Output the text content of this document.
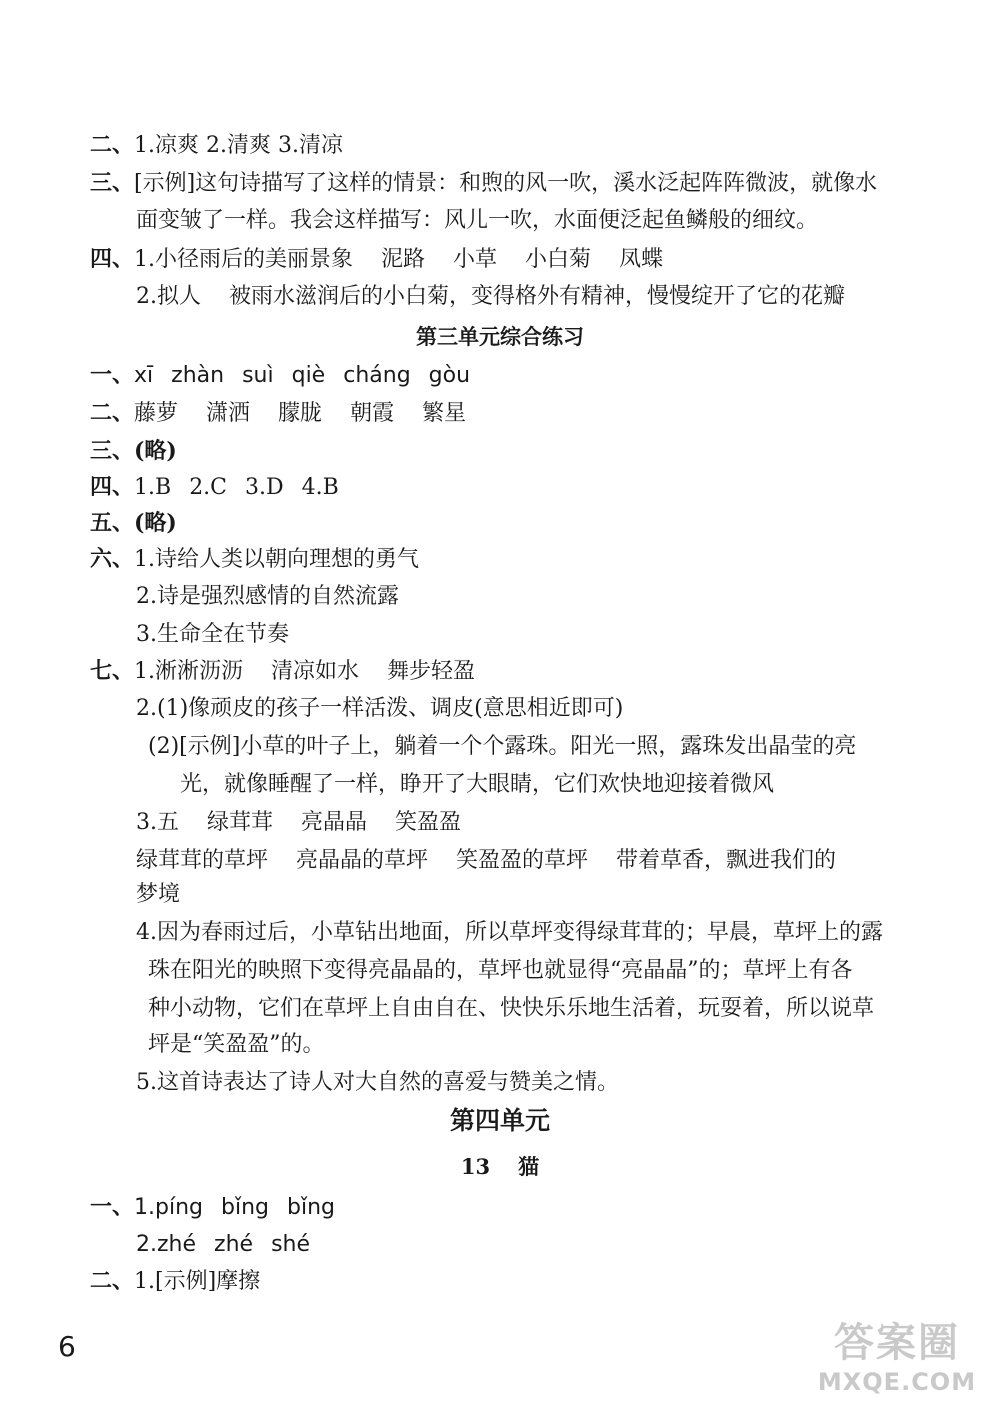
二、1.凉爽 2.清爽 3.清凉
三、[示例]这句诗描写了这样的情景：和煦的风一吹，溪水泛起阵阵微波，就像水
面变皱了一样。我会这样描写：风儿一吹，水面便泛起鱼鳞般的细纹。
四、1.小径雨后的美丽景象 泥路 小草 小白菊 凤蝶
2.拟人 被雨水滋润后的小白菊，变得格外有精神，慢慢绽开了它的花瓣
第三单元综合练习
一、xī zhàn suì qiè cháng gòu
二、藤萝 潇洒 朦胧 朝霞 繁星
三、(略)
四、1.B 2.C 3.D 4.B
五、(略)
六、1.诗给人类以朝向理想的勇气
2.诗是强烈感情的自然流露
3.生命全在节奏
七、1.淅淅沥沥 清凉如水 舞步轻盈
2.(1)像顽皮的孩子一样活泼、调皮(意思相近即可)
(2)[示例]小草的叶子上，躺着一个个露珠。阳光一照，露珠发出晶莹的亮
光，就像睡醒了一样，睁开了大眼睛，它们欢快地迎接着微风
3.五 绿茸茸 亮晶晶 笑盈盈
绿茸茸的草坪 亮晶晶的草坪 笑盈盈的草坪 带着草香，飘进我们的
梦境
4.因为春雨过后，小草钻出地面，所以草坪变得绿茸茸的；早晨，草坪上的露
珠在阳光的映照下变得亮晶晶的，草坪也就显得“亮晶晶”的；草坪上有各
种小动物，它们在草坪上自由自在、快快乐乐地生活着，玩耍着，所以说草
坪是“笑盈盈”的。
5.这首诗表达了诗人对大自然的喜爱与赞美之情。
第四单元
13 猫
一、1.píng bǐng bǐng
2.zhé zhé shé
二、1.[示例]摩擦
6	答案圈
MXQE.COM
